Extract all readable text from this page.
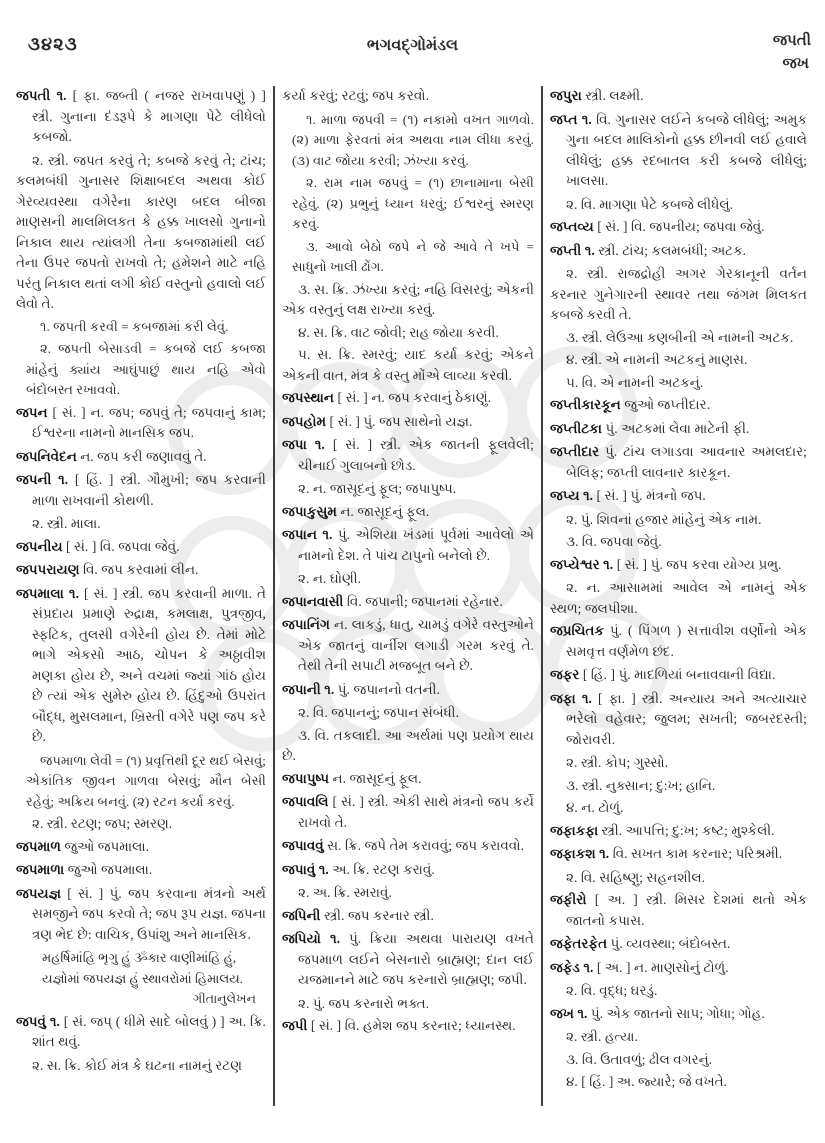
૩૪૨૩	ભગવદ્ગોમંડલ	જપતી
જખ

જપતી ૧. [ ફા. જબ્તી ( નજર રાખવાપણું ) ] સ્ત્રી. ગુનાના દંડરૂપે કે માગણા પેટે લીધેલો કબજો.

૨. સ્ત્રી. જપત કરવું તે; કબજે કરવું તે; ટાંચ; કલમબંધી ગુનાસર શિક્ષાબદલ અથવા કોઈ ગેરવ્યવસ્થા વગેરેના કારણ બદલ બીજા માણસની માલમિલકત કે હક્ક ખાલસો ગુનાનો નિકાલ થાય ત્યાંલગી તેના કબજામાંથી લઈ તેના ઉપર જપતો રાખવો તે; હમેશને માટે નહિ પરંતુ નિકાલ થતાં લગી કોઈ વસ્તુનો હવાલો લઈ લેવો તે.

૧. જપતી કરવી = કબજામાં કરી લેવું.

૨. જપતી બેસાડવી = કબજે લઈ કબજા માંહેનું ક્યાંય આઘુંપાછું થાય નહિ એવો બંદોબસ્ત રખાવવો.

જપન [ સં. ] ન. જપ; જપવું તે; જપવાનું કામ; ઈશ્વરના નામનો માનસિક જપ.

જપનિવેદન ન. જપ કરી જણાવવું તે.

જપની ૧. [ હિં. ] સ્ત્રી. ગૌમુખી; જપ કરવાની માળા રાખવાની કોથળી.

૨. સ્ત્રી. માલા.

જપનીય [ સં. ] વિ. જપવા જેવું.

જપપરાયણ વિ. જપ કરવામાં લીન.

જપમાલા ૧. [ સં. ] સ્ત્રી. જપ કરવાની માળા. તે સંપ્રદાય પ્રમાણે રુદ્રાક્ષ, કમલાક્ષ, પુત્રજીવ, સ્ફટિક, તુલસી વગેરેની હોય છે. તેમાં મોટે ભાગે એકસો આઠ, ચોપન કે અઠ્ઠાવીશ મણકા હોય છે, અને વચમાં જ્યાં ગાંઠ હોય છે ત્યાં એક સુમેરુ હોય છે. હિંદુઓ ઉપરાંત બૌદ્ધ, મુસલમાન, ખ્રિસ્તી વગેરે પણ જપ કરે છે.

જપમાળા લેવી = (૧) પ્રવૃત્તિથી દૂર થઈ બેસવું; એકાંતિક જીવન ગાળવા બેસવું; મૌન બેસી રહેવું; અક્રિય બનવું. (૨) રટન કર્યા કરવું.

૨. સ્ત્રી. રટણ; જપ; સ્મરણ.

જપમાળ જુઓ જપમાલા.

જપમાળા જુઓ જપમાલા.

જપયજ્ઞ [ સં. ] પું. જપ કરવાના મંત્રનો અર્થ સમજીને જપ કરવો તે; જપ રૂપ યજ્ઞ. જપના ત્રણ ભેદ છે: વાચિક, ઉપાંશુ અને માનસિક.

મહર્ષિમાંહિ ભૃગુ હું ૐકાર વાણીમાંહિ હું,

યજ્ઞોમાં જપયજ્ઞ હું સ્થાવરોમાં હિમાલય.

ગીતાનુલેખન

જપવું ૧. [ સં. જપ્ ( ધીમે સાદે બોલવું ) ] અ. ક્રિ. શાંત થવું.

૨. સ. ક્રિ. કોઈ મંત્ર કે ઘટના નામનું રટણ

કર્યા કરવું; રટવું; જપ કરવો.

૧. માળા જપવી = (૧) નકામો વખત ગાળવો. (૨) માળા ફેરવતાં મંત્ર અથવા નામ લીધા કરવું. (૩) વાટ જોયા કરવી; ઝંખ્યા કરવું.

૨. રામ નામ જપવું = (૧) છાનામાના બેસી રહેવું. (૨) પ્રભુનું ધ્યાન ધરવું; ઈશ્વરનું સ્મરણ કરવું.

૩. આવો બેઠો જપે ને જે આવે તે ખપે = સાધુનો ખાલી ઢોંગ.

૩. સ. ક્રિ. ઝંખ્યા કરવું; નહિ વિસરવું; એકની એક વસ્તુનું લક્ષ રાખ્યા કરવું.

૪. સ. ક્રિ. વાટ જોવી; રાહ જોયા કરવી.

૫. સ. ક્રિ. સ્મરવું; યાદ કર્યા કરવું; એકને એકની વાત, મંત્ર કે વસ્તુ મોંએ લાવ્યા કરવી.

જપસ્થાન [ સં. ] ન. જપ કરવાનું ઠેકાણું.

જપહોમ [ સં. ] પું. જપ સાથેનો યજ્ઞ.

જપા ૧. [ સં. ] સ્ત્રી. એક જાતની ફૂલવેલી; ચીનાઈ ગુલાબનો છોડ.

૨. ન. જાસૂદનું ફૂલ; જપાપુષ્પ.

જપાકુસુમ ન. જાસૂદનું ફૂલ.

જપાન ૧. પું. એશિયા ખંડમાં પૂર્વમાં આવેલો એ નામનો દેશ. તે પાંચ ટાપુનો બનેલો છે.

૨. ન. ઘોણી.

જપાનવાસી વિ. જપાની; જપાનમાં રહેનાર.

જપાનિંગ ન. લાકડું, ધાતુ, ચામડું વગેરે વસ્તુઓને એક જાતનું વાર્નીશ લગાડી ગરમ કરવું તે. તેથી તેની સપાટી મજબૂત બને છે.

જપાની ૧. પું. જપાનનો વતની.

૨. વિ. જપાનનું; જપાન સંબંધી.

૩. વિ. તકલાદી. આ અર્થમાં પણ પ્રયોગ થાય છે.

જપાપુષ્પ ન. જાસૂદનું ફૂલ.

જપાવલિ [ સં. ] સ્ત્રી. એકી સાથે મંત્રનો જપ કર્યે રાખવો તે.

જપાવવું સ. ક્રિ. જપે તેમ કરાવવું; જપ કરાવવો.

જપાવું ૧. અ. ક્રિ. રટણ કરાવું.

૨. અ. ક્રિ. સ્મરાવું.

જપિની સ્ત્રી. જપ કરનાર સ્ત્રી.

જપિયો ૧. પું. ક્રિયા અથવા પારાયણ વખતે જપમાળ લઈને બેસનારો બ્રાહ્મણ; દાન લઈ યજમાનને માટે જપ કરનારો બ્રાહ્મણ; જપી.

૨. પું. જપ કરનારો ભક્ત.

જપી [ સં. ] વિ. હમેશ જપ કરનાર; ધ્યાનસ્થ.

જપુરા સ્ત્રી. લક્ષ્મી.

જપ્ત ૧. વિ. ગુનાસર લઈને કબજે લીધેલું; અમુક ગુના બદલ માલિકોનો હક્ક છીનવી લઈ હવાલે લીધેલું; હક્ક રદબાતલ કરી કબજે લીધેલું; ખાલસા.

૨. વિ. માગણા પેટે કબજે લીધેલું.

જપ્તવ્ય [ સં. ] વિ. જપનીય; જપવા જેવું.

જપ્તી ૧. સ્ત્રી. ટાંચ; કલમબંધી; અટક.

૨. સ્ત્રી. રાજદ્રોહી અગર ગેરકાનૂની વર્તન કરનાર ગુનેગારની સ્થાવર તથા જંગમ મિલકત કબજે કરવી તે.

૩. સ્ત્રી. લેઉઆ કણબીની એ નામની અટક.

૪. સ્ત્રી. એ નામની અટકનું માણસ.

૫. વિ. એ નામની અટકનું.

જપ્તીકારકૂન જુઓ જપ્તીદાર.

જપ્તીટકા પું. અટકમાં લેવા માટેની ફી.

જપ્તીદાર પું. ટાંચ લગાડવા આવનાર અમલદાર; બેલિફ; જપ્તી લાવનાર કારકૂન.

જપ્ય ૧. [ સં. ] પું. મંત્રનો જપ.

૨. પું. શિવનાં હજાર માંહેનું એક નામ.

૩. વિ. જપવા જેવું.

જપ્યેશ્વર ૧. [ સં. ] પું. જપ કરવા યોગ્ય પ્રભુ.

૨. ન. આસામમાં આવેલ એ નામનું એક સ્થળ; જલપીશા.

જપ્રચિતક પું. ( પિંગળ ) સત્તાવીશ વર્ણોનો એક સમવૃત્ત વર્ણમેળ છંદ.

જફર [ હિં. ] પું. માદળિયાં બનાવવાની વિદ્યા.

જફા ૧. [ ફા. ] સ્ત્રી. અન્યાય અને અત્યાચાર ભરેલો વહેવાર; જુલમ; સખતી; જબરદસ્તી; જોરાવરી.

૨. સ્ત્રી. કોપ; ગુસ્સો.

૩. સ્ત્રી. નુક્સાન; દુ:ખ; હાનિ.

૪. ન. ટોળું.

જફાકફા સ્ત્રી. આપત્તિ; દુ:ખ; કષ્ટ; મુશ્કેલી.

જફાકશ ૧. વિ. સખત કામ કરનાર; પરિશ્રમી.

૨. વિ. સહિષ્ણુ; સહનશીલ.

જફીરો [ અ. ] સ્ત્રી. મિસર દેશમાં થતો એક જાતનો કપાસ.

જફેતરફેત પું. વ્યવસ્થા; બંદોબસ્ત.

જફેડ ૧. [ અ. ] ન. માણસોનું ટોળું.

૨. વિ. વૃદ્ધ; ઘરડું.

જખ ૧. પું. એક જાતનો સાપ; ગોધા; ગોહ.

૨. સ્ત્રી. હત્યા.

૩. વિ. ઉતાવળું; ઢીલ વગરનું.

૪. [ હિં. ] અ. જ્યારે; જે વખતે.
